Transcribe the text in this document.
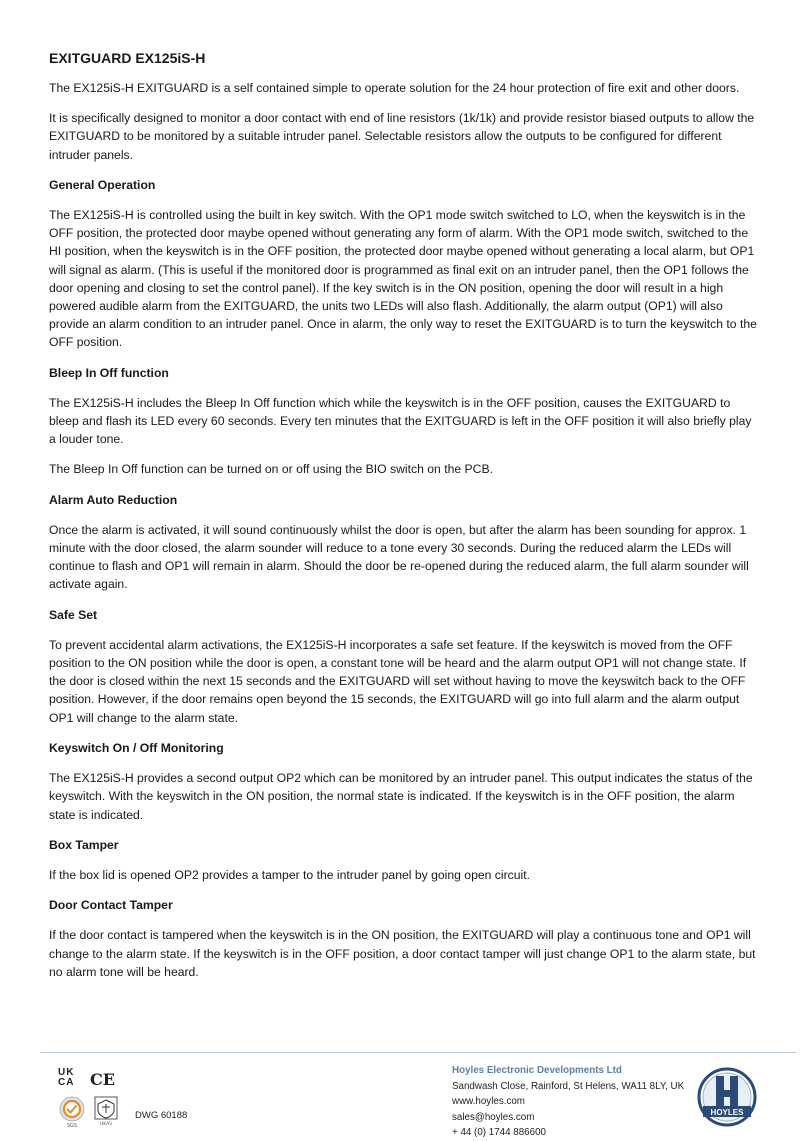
EXITGUARD EX125iS-H

The EX125iS-H EXITGUARD is a self contained simple to operate solution for the 24 hour protection of fire exit and other doors.

It is specifically designed to monitor a door contact with end of line resistors (1k/1k) and provide resistor biased outputs to allow the EXITGUARD to be monitored by a suitable intruder panel. Selectable resistors allow the outputs to be configured for different intruder panels.

General Operation

The EX125iS-H is controlled using the built in key switch. With the OP1 mode switch switched to LO, when the keyswitch is in the OFF position, the protected door maybe opened without generating any form of alarm. With the OP1 mode switch, switched to the HI position, when the keyswitch is in the OFF position, the protected door maybe opened without generating a local alarm, but OP1 will signal as alarm. (This is useful if the monitored door is programmed as final exit on an intruder panel, then the OP1 follows the door opening and closing to set the control panel). If the key switch is in the ON position, opening the door will result in a high powered audible alarm from the EXITGUARD, the units two LEDs will also flash. Additionally, the alarm output (OP1) will also provide an alarm condition to an intruder panel. Once in alarm, the only way to reset the EXITGUARD is to turn the keyswitch to the OFF position.

Bleep In Off function

The EX125iS-H includes the Bleep In Off function which while the keyswitch is in the OFF position, causes the EXITGUARD to bleep and flash its LED every 60 seconds. Every ten minutes that the EXITGUARD is left in the OFF position it will also briefly play a louder tone.

The Bleep In Off function can be turned on or off using the BIO switch on the PCB.

Alarm Auto Reduction

Once the alarm is activated, it will sound continuously whilst the door is open, but after the alarm has been sounding for approx. 1 minute with the door closed, the alarm sounder will reduce to a tone every 30 seconds. During the reduced alarm the LEDs will continue to flash and OP1 will remain in alarm. Should the door be re-opened during the reduced alarm, the full alarm sounder will activate again.

Safe Set

To prevent accidental alarm activations, the EX125iS-H incorporates a safe set feature. If the keyswitch is moved from the OFF position to the ON position while the door is open, a constant tone will be heard and the alarm output OP1 will not change state. If the door is closed within the next 15 seconds and the EXITGUARD will set without having to move the keyswitch back to the OFF position. However, if the door remains open beyond the 15 seconds, the EXITGUARD will go into full alarm and the alarm output OP1 will change to the alarm state.

Keyswitch On / Off Monitoring

The EX125iS-H provides a second output OP2 which can be monitored by an intruder panel. This output indicates the status of the keyswitch. With the keyswitch in the ON position, the normal state is indicated. If the keyswitch is in the OFF position, the alarm state is indicated.

Box Tamper

If the box lid is opened OP2 provides a tamper to the intruder panel by going open circuit.

Door Contact Tamper

If the door contact is tampered when the keyswitch is in the ON position, the EXITGUARD will play a continuous tone and OP1 will change to the alarm state. If the keyswitch is in the OFF position, a door contact tamper will just change OP1 to the alarm state, but no alarm tone will be heard.

UK
CA CE
SGS	UKAS
DWG 60188
Hoyles Electronic Developments Ltd
Sandwash Close, Rainford, St Helens, WA11 8LY, UK
www.hoyles.com
sales@hoyles.com
+ 44 (0) 1744 886600
HOYLES
